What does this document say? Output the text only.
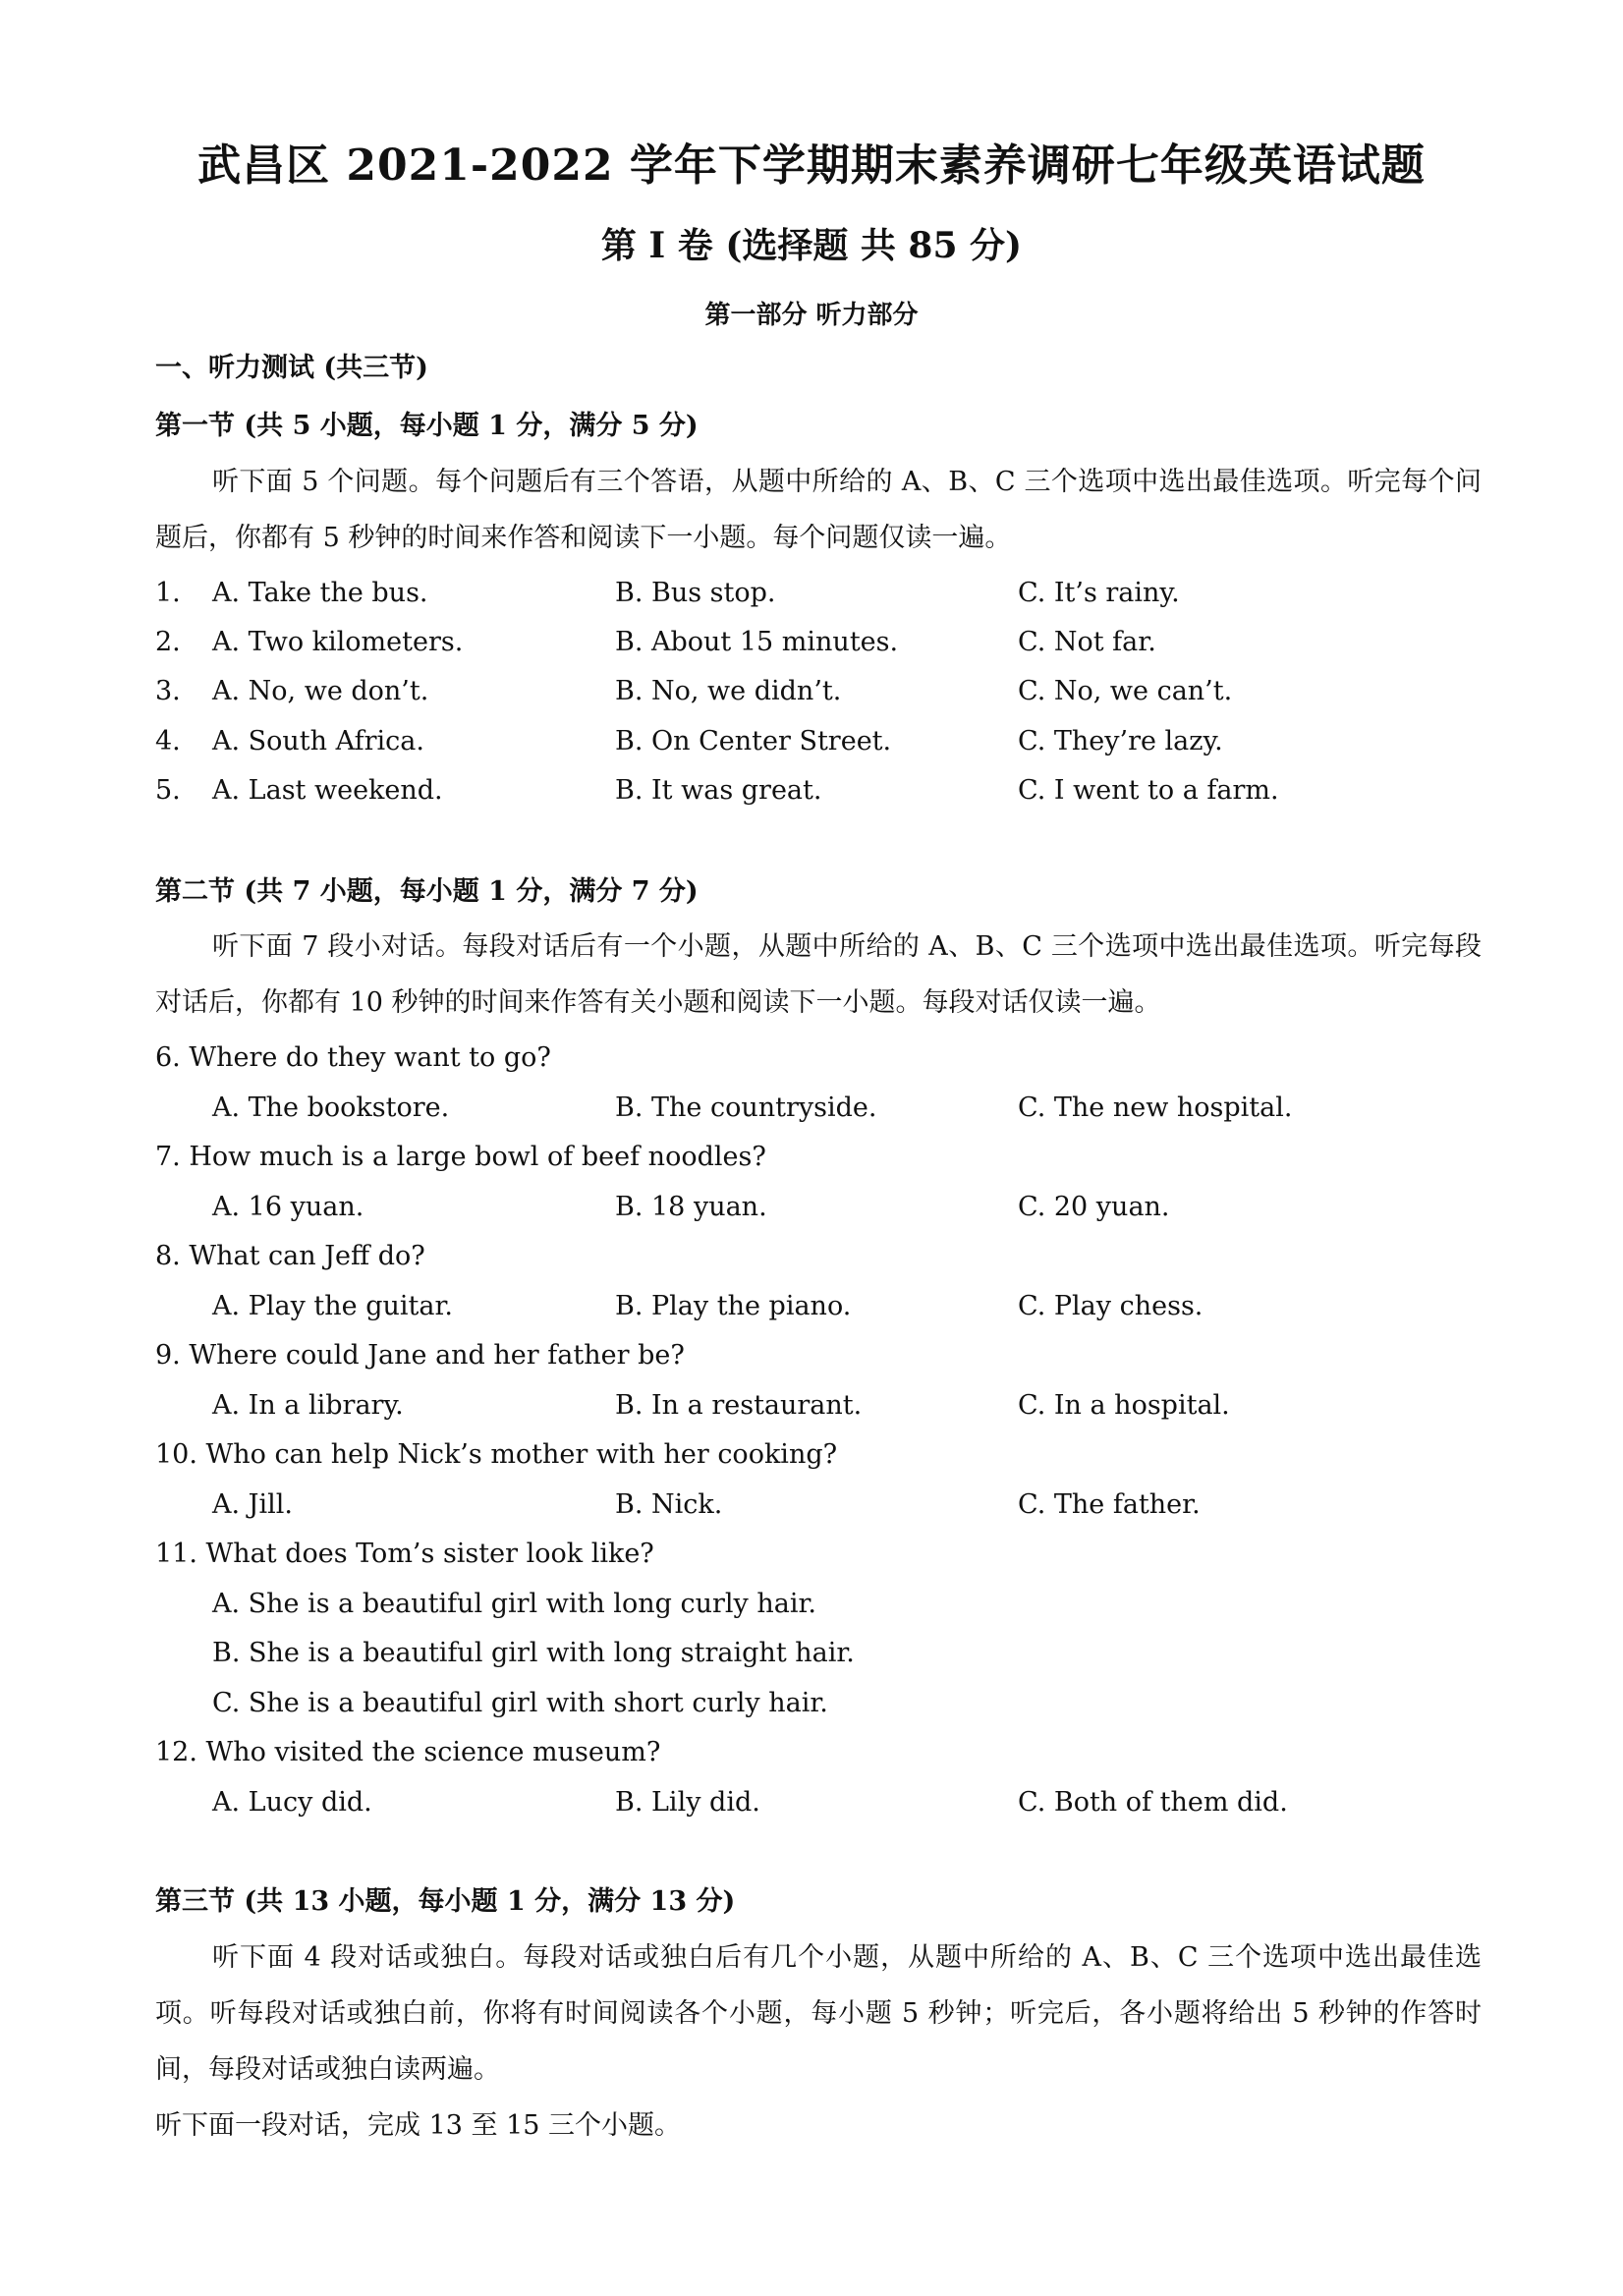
武昌区 2021-2022 学年下学期期末素养调研七年级英语试题
第 I 卷 (选择题 共 85 分)
第一部分 听力部分
一、听力测试 (共三节)
第一节 (共 5 小题，每小题 1 分，满分 5 分)
听下面 5 个问题。每个问题后有三个答语，从题中所给的 A、B、C 三个选项中选出最佳选项。听完每个问题后，你都有 5 秒钟的时间来作答和阅读下一小题。每个问题仅读一遍。
1. A. Take the bus.	B. Bus stop.	C. It’s rainy.
2. A. Two kilometers.	B. About 15 minutes.	C. Not far.
3. A. No, we don’t.	B. No, we didn’t.	C. No, we can’t.
4. A. South Africa.	B. On Center Street.	C. They’re lazy.
5. A. Last weekend.	B. It was great.	C. I went to a farm.
第二节 (共 7 小题，每小题 1 分，满分 7 分)
听下面 7 段小对话。每段对话后有一个小题，从题中所给的 A、B、C 三个选项中选出最佳选项。听完每段对话后，你都有 10 秒钟的时间来作答有关小题和阅读下一小题。每段对话仅读一遍。
6. Where do they want to go?
A. The bookstore.	B. The countryside.	C. The new hospital.
7. How much is a large bowl of beef noodles?
A. 16 yuan.	B. 18 yuan.	C. 20 yuan.
8. What can Jeff do?
A. Play the guitar.	B. Play the piano.	C. Play chess.
9. Where could Jane and her father be?
A. In a library.	B. In a restaurant.	C. In a hospital.
10. Who can help Nick’s mother with her cooking?
A. Jill.	B. Nick.	C. The father.
11. What does Tom’s sister look like?
A. She is a beautiful girl with long curly hair.
B. She is a beautiful girl with long straight hair.
C. She is a beautiful girl with short curly hair.
12. Who visited the science museum?
A. Lucy did.	B. Lily did.	C. Both of them did.
第三节 (共 13 小题，每小题 1 分，满分 13 分)
听下面 4 段对话或独白。每段对话或独白后有几个小题，从题中所给的 A、B、C 三个选项中选出最佳选项。听每段对话或独白前，你将有时间阅读各个小题，每小题 5 秒钟；听完后，各小题将给出 5 秒钟的作答时间，每段对话或独白读两遍。
听下面一段对话，完成 13 至 15 三个小题。
